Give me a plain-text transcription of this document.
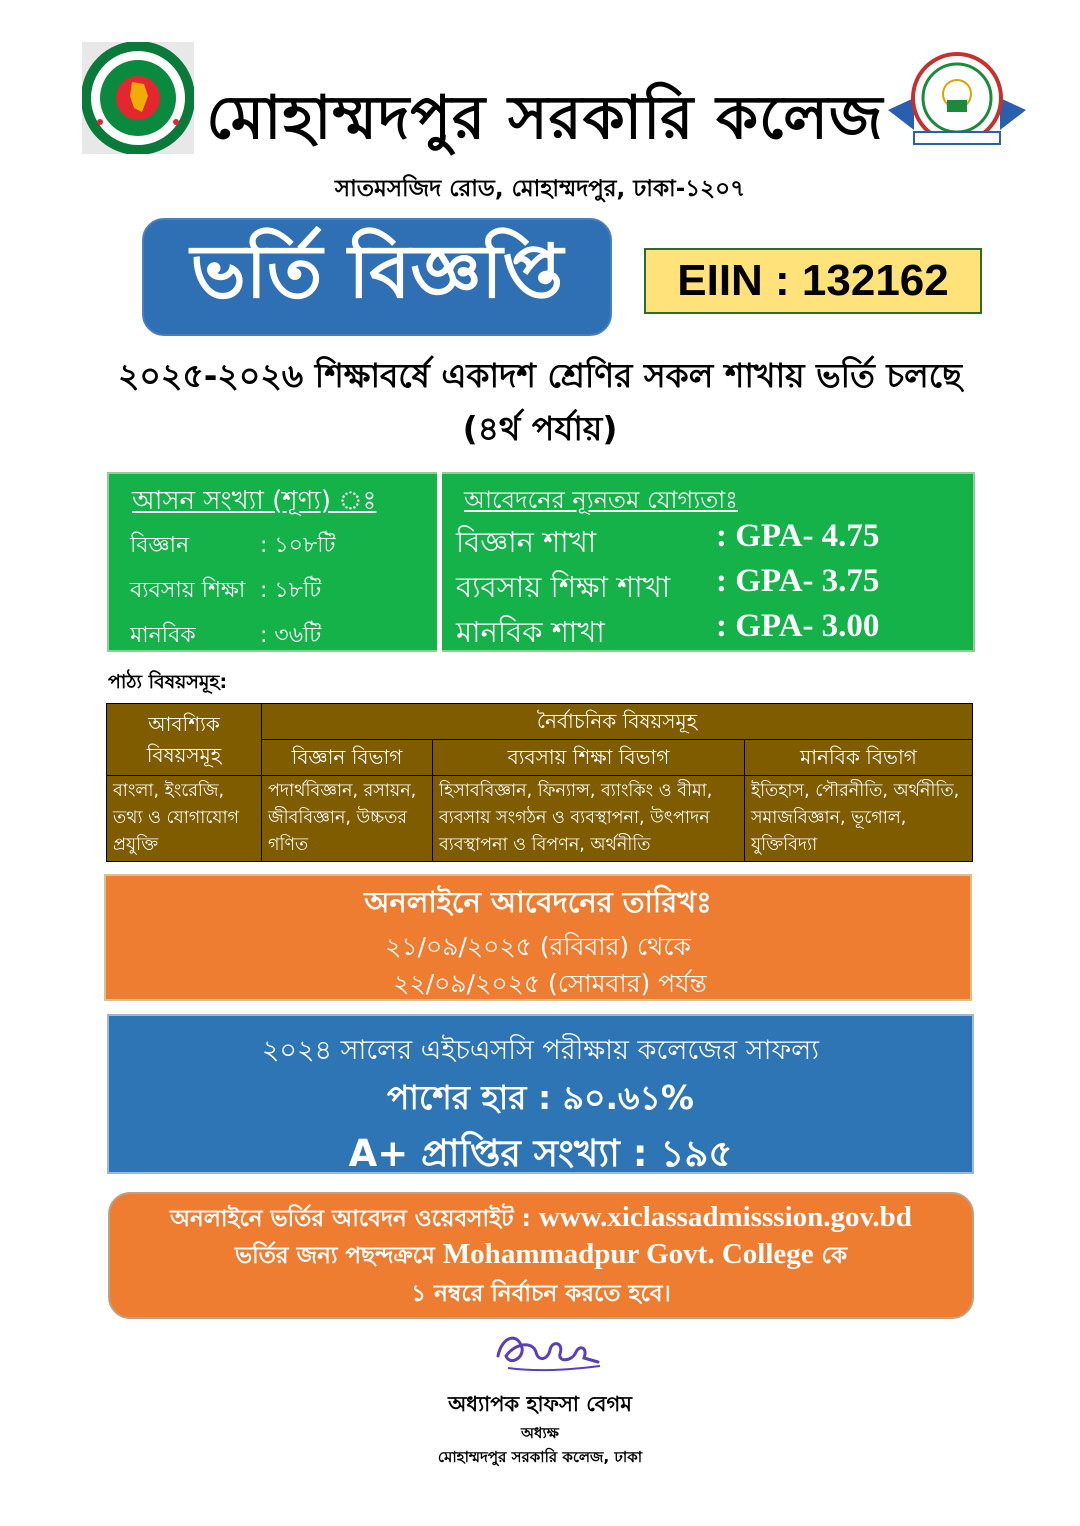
মোহাম্মদপুর সরকারি কলেজ
সাতমসজিদ রোড, মোহাম্মদপুর, ঢাকা-১২০৭
ভর্তি বিজ্ঞপ্তি	EIIN : 132162
২০২৫-২০২৬ শিক্ষাবর্ষে একাদশ শ্রেণির সকল শাখায় ভর্তি চলছে
(৪র্থ পর্যায়)
আসন সংখ্যা (শূণ্য) ঃ
বিজ্ঞান	: ১০৮টি
ব্যবসায় শিক্ষা : ১৮টি
মানবিক	: ৩৬টি
আবেদনের ন্যূনতম যোগ্যতাঃ
বিজ্ঞান শাখা	: GPA- 4.75
ব্যবসায় শিক্ষা শাখা : GPA- 3.75
মানবিক শাখা	: GPA- 3.00
পাঠ্য বিষয়সমূহ:
আবশ্যিক বিষয়সমূহ	নৈর্বাচনিক বিষয়সমূহ		
	বিজ্ঞান বিভাগ	ব্যবসায় শিক্ষা বিভাগ	মানবিক বিভাগ
বাংলা, ইংরেজি, তথ্য ও যোগাযোগ প্রযুক্তি	পদার্থবিজ্ঞান, রসায়ন, জীববিজ্ঞান, উচ্চতর গণিত	হিসাববিজ্ঞান, ফিন্যান্স, ব্যাংকিং ও বীমা, ব্যবসায় সংগঠন ও ব্যবস্থাপনা, উৎপাদন ব্যবস্থাপনা ও বিপণন, অর্থনীতি	ইতিহাস, পৌরনীতি, অর্থনীতি, সমাজবিজ্ঞান, ভূগোল, যুক্তিবিদ্যা
অনলাইনে আবেদনের তারিখঃ
২১/০৯/২০২৫ (রবিবার) থেকে
২২/০৯/২০২৫ (সোমবার) পর্যন্ত
২০২৪ সালের এইচএসসি পরীক্ষায় কলেজের সাফল্য
পাশের হার : ৯০.৬১%
A+ প্রাপ্তির সংখ্যা : ১৯৫
অনলাইনে ভর্তির আবেদন ওয়েবসাইট : www.xiclassadmisssion.gov.bd
ভর্তির জন্য পছন্দক্রমে Mohammadpur Govt. College কে
১ নম্বরে নির্বাচন করতে হবে।
অধ্যাপক হাফসা বেগম
অধ্যক্ষ
মোহাম্মদপুর সরকারি কলেজ, ঢাকা
